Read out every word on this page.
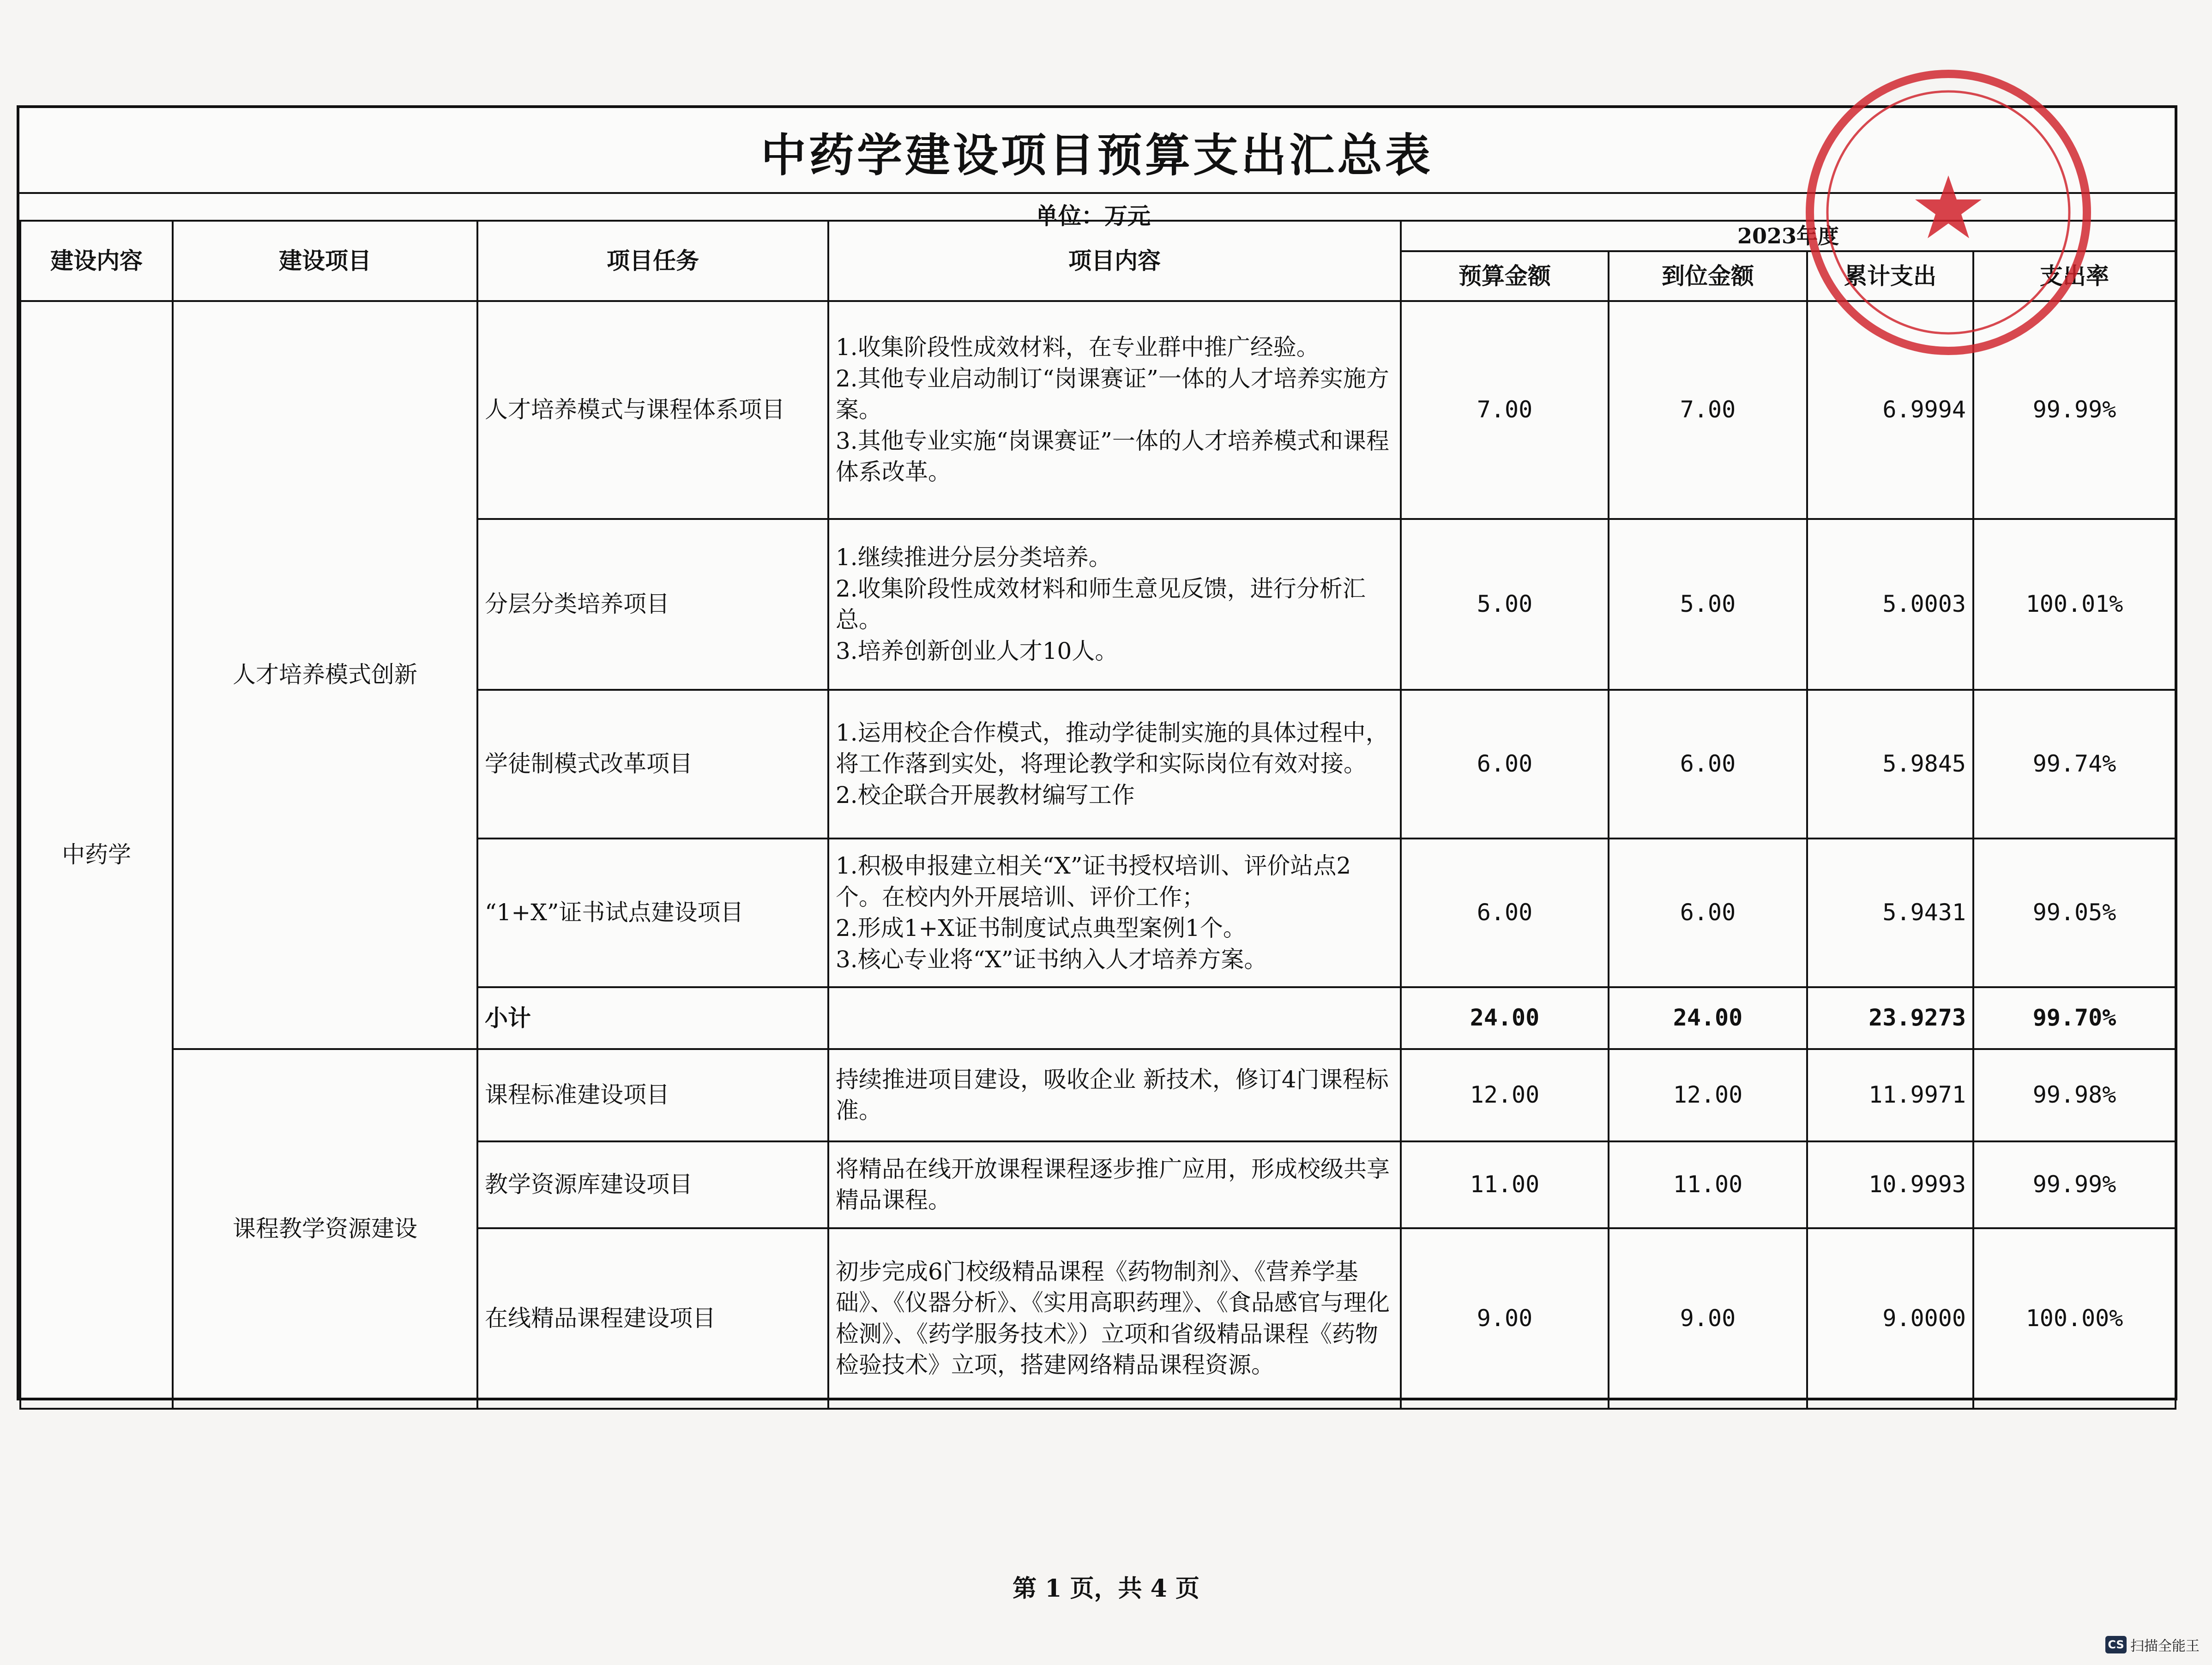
中药学建设项目预算支出汇总表
单位：万元
建设内容	建设项目	项目任务	项目内容	2023年度			
				预算金额	到位金额	累计支出	支出率
中药学	人才培养模式创新	人才培养模式与课程体系项目	1.收集阶段性成效材料，在专业群中推广经验。
2.其他专业启动制订“岗课赛证”一体的人才培养实施方案。
3.其他专业实施“岗课赛证”一体的人才培养模式和课程体系改革。	7.00	7.00	6.9994	99.99%
		分层分类培养项目	1.继续推进分层分类培养。
2.收集阶段性成效材料和师生意见反馈，进行分析汇总。
3.培养创新创业人才10人。	5.00	5.00	5.0003	100.01%
		学徒制模式改革项目	1.运用校企合作模式，推动学徒制实施的具体过程中，将工作落到实处，将理论教学和实际岗位有效对接。
2.校企联合开展教材编写工作	6.00	6.00	5.9845	99.74%
		“1+X”证书试点建设项目	1.积极申报建立相关“X”证书授权培训、评价站点2个。在校内外开展培训、评价工作；
2.形成1+X证书制度试点典型案例1个。
3.核心专业将“X”证书纳入人才培养方案。	6.00	6.00	5.9431	99.05%
		小计		24.00	24.00	23.9273	99.70%
	课程教学资源建设	课程标准建设项目	持续推进项目建设，吸收企业 新技术，修订4门课程标准。	12.00	12.00	11.9971	99.98%
		教学资源库建设项目	将精品在线开放课程课程逐步推广应用，形成校级共享精品课程。	11.00	11.00	10.9993	99.99%
		在线精品课程建设项目	初步完成6门校级精品课程《药物制剂》、《营养学基础》、《仪器分析》、《实用高职药理》、《食品感官与理化检测》、《药学服务技术》）立项和省级精品课程《药物检验技术》立项，搭建网络精品课程资源。	9.00	9.00	9.0000	100.00%
第 1 页，共 4 页
CS 扫描全能王
